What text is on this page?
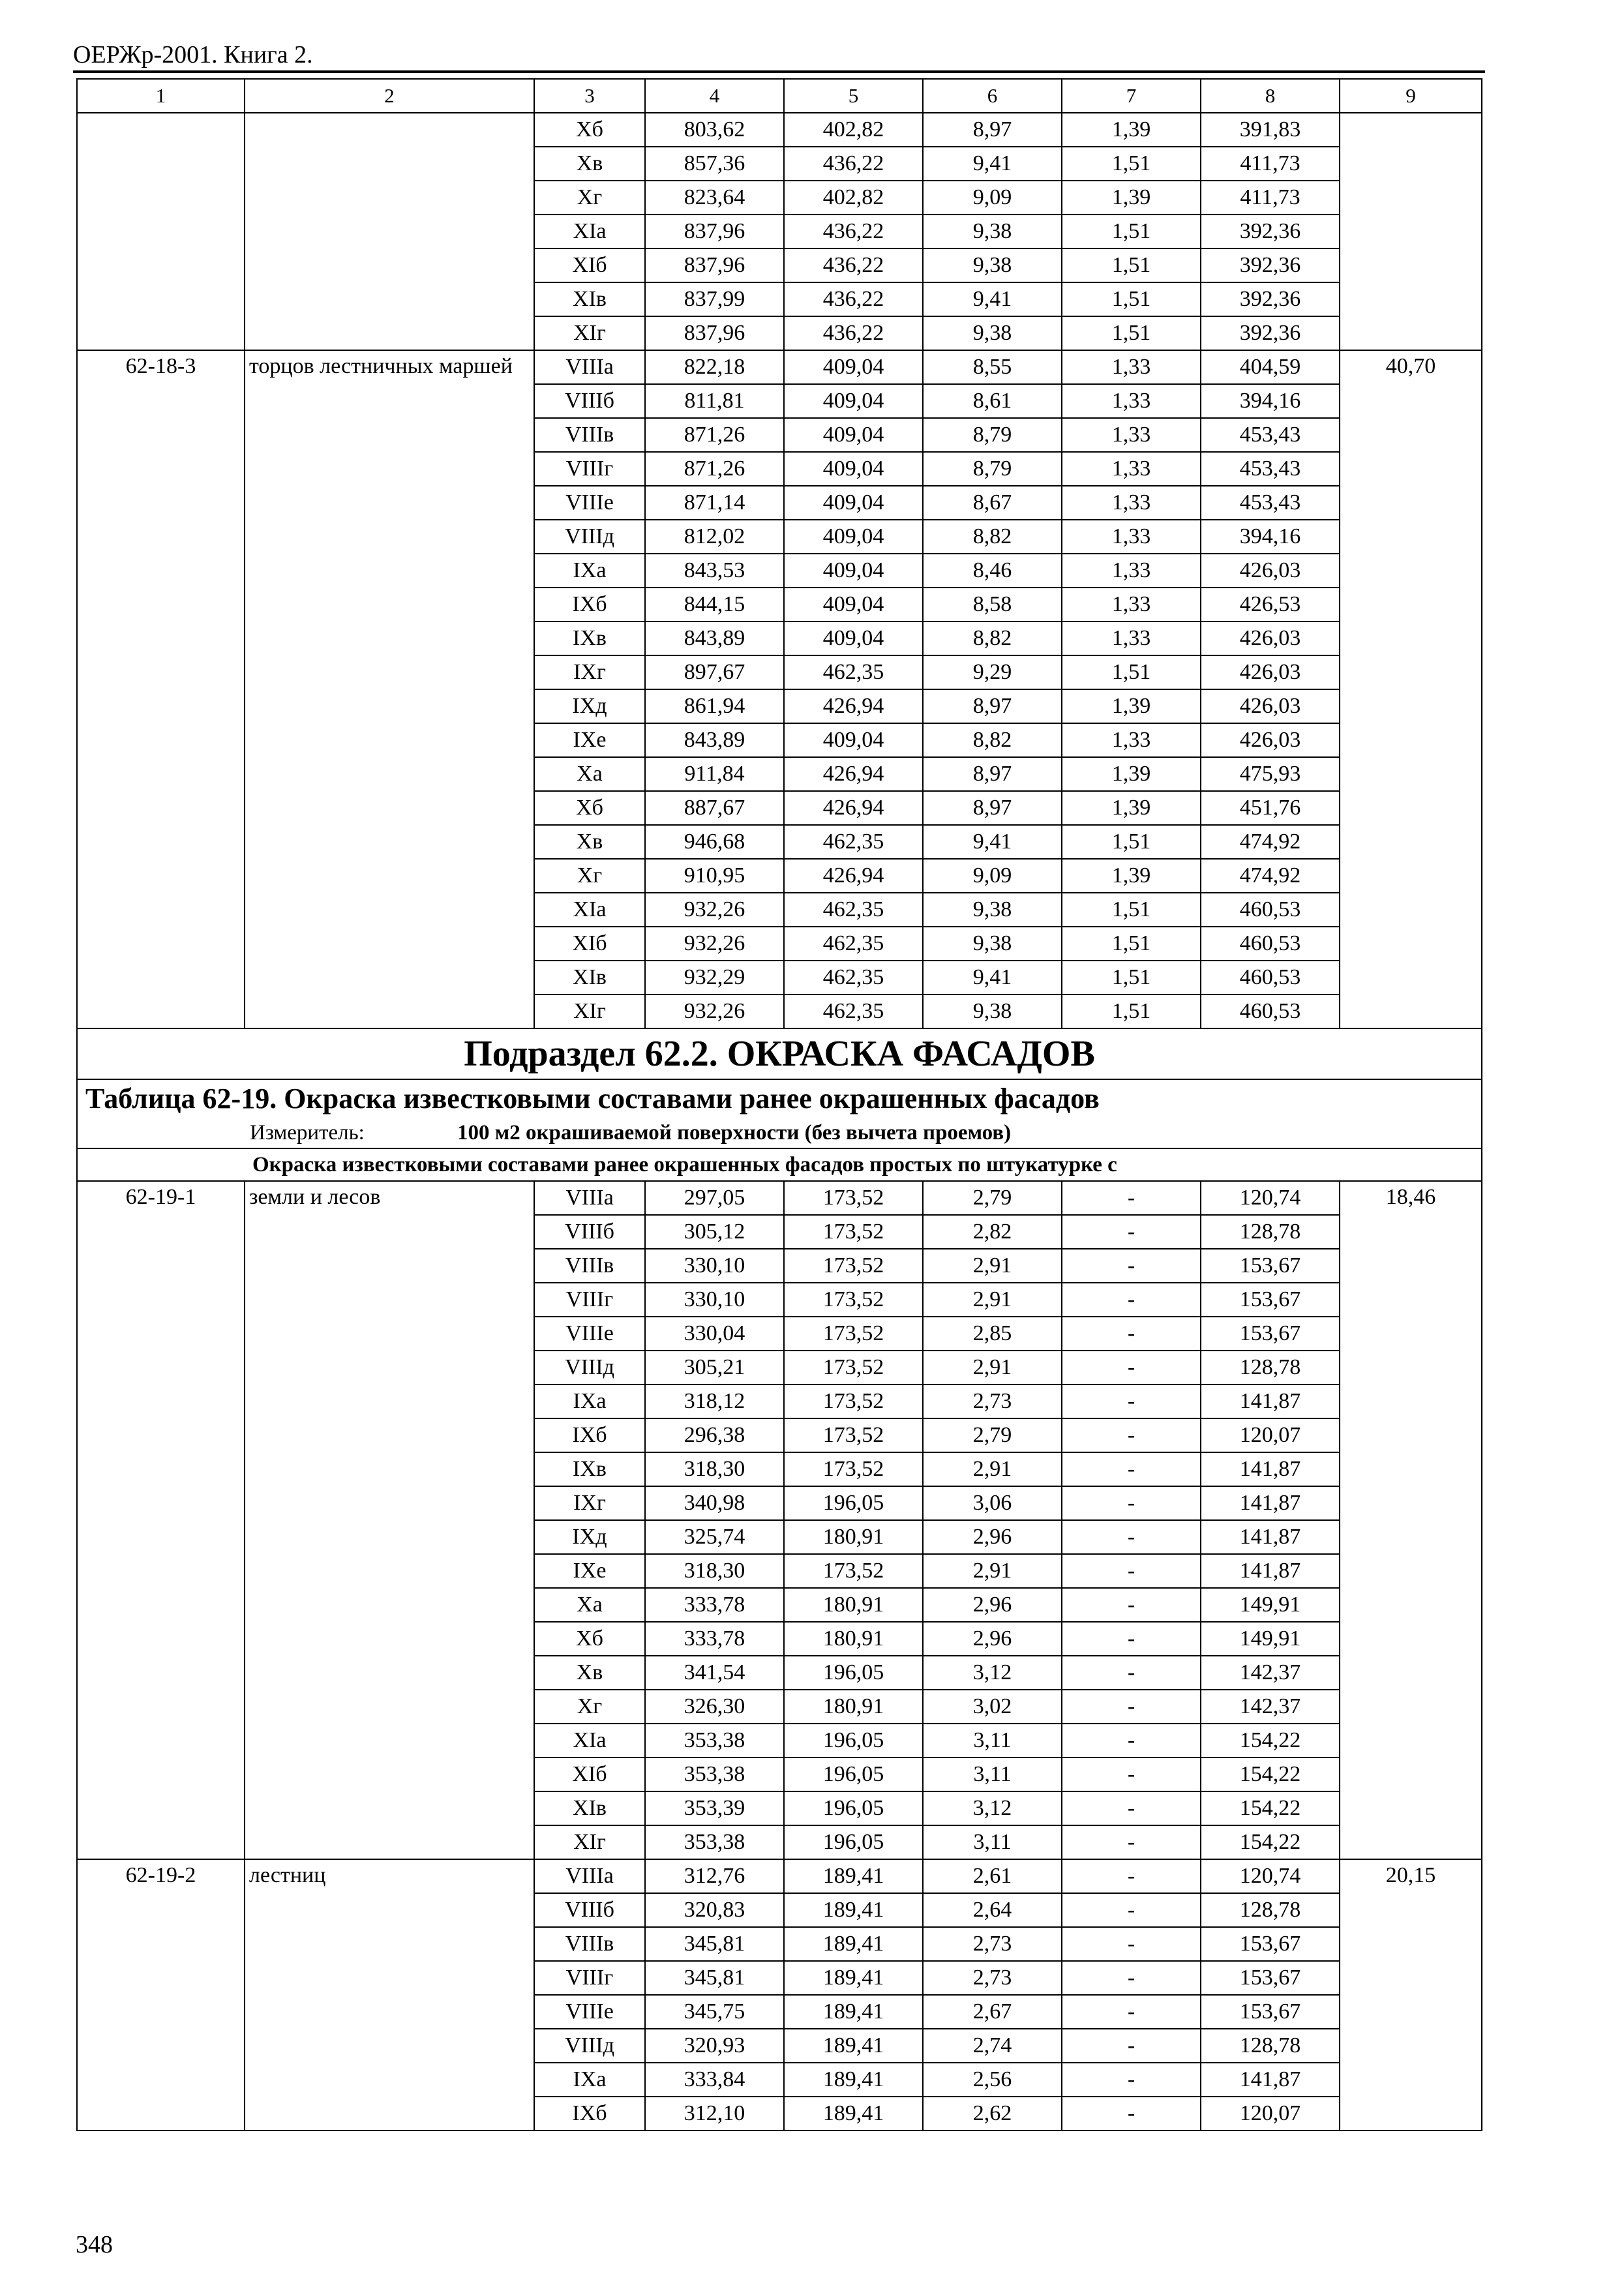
ОЕРЖр-2001. Книга 2.
1	2	3	4	5	6	7	8	9
		Xб	803,62	402,82	8,97	1,39	391,83	
		Xв	857,36	436,22	9,41	1,51	411,73	
		Xг	823,64	402,82	9,09	1,39	411,73	
		XIа	837,96	436,22	9,38	1,51	392,36	
		XIб	837,96	436,22	9,38	1,51	392,36	
		XIв	837,99	436,22	9,41	1,51	392,36	
		XIг	837,96	436,22	9,38	1,51	392,36	
62-18-3	торцов лестничных маршей	VIIIа	822,18	409,04	8,55	1,33	404,59	40,70
		VIIIб	811,81	409,04	8,61	1,33	394,16	
		VIIIв	871,26	409,04	8,79	1,33	453,43	
		VIIIг	871,26	409,04	8,79	1,33	453,43	
		VIIIе	871,14	409,04	8,67	1,33	453,43	
		VIIIд	812,02	409,04	8,82	1,33	394,16	
		IXа	843,53	409,04	8,46	1,33	426,03	
		IXб	844,15	409,04	8,58	1,33	426,53	
		IXв	843,89	409,04	8,82	1,33	426,03	
		IXг	897,67	462,35	9,29	1,51	426,03	
		IXд	861,94	426,94	8,97	1,39	426,03	
		IXе	843,89	409,04	8,82	1,33	426,03	
		Xа	911,84	426,94	8,97	1,39	475,93	
		Xб	887,67	426,94	8,97	1,39	451,76	
		Xв	946,68	462,35	9,41	1,51	474,92	
		Xг	910,95	426,94	9,09	1,39	474,92	
		XIа	932,26	462,35	9,38	1,51	460,53	
		XIб	932,26	462,35	9,38	1,51	460,53	
		XIв	932,29	462,35	9,41	1,51	460,53	
		XIг	932,26	462,35	9,38	1,51	460,53	
Подраздел 62.2. ОКРАСКА ФАСАДОВ								
Таблица 62-19. Окраска известковыми составами ранее окрашенных фасадов								
Измеритель: 100 м2 окрашиваемой поверхности (без вычета проемов)								
Окраска известковыми составами ранее окрашенных фасадов простых по штукатурке с								
62-19-1	земли и лесов	VIIIа	297,05	173,52	2,79	-	120,74	18,46
		VIIIб	305,12	173,52	2,82	-	128,78	
		VIIIв	330,10	173,52	2,91	-	153,67	
		VIIIг	330,10	173,52	2,91	-	153,67	
		VIIIе	330,04	173,52	2,85	-	153,67	
		VIIIд	305,21	173,52	2,91	-	128,78	
		IXа	318,12	173,52	2,73	-	141,87	
		IXб	296,38	173,52	2,79	-	120,07	
		IXв	318,30	173,52	2,91	-	141,87	
		IXг	340,98	196,05	3,06	-	141,87	
		IXд	325,74	180,91	2,96	-	141,87	
		IXе	318,30	173,52	2,91	-	141,87	
		Xа	333,78	180,91	2,96	-	149,91	
		Xб	333,78	180,91	2,96	-	149,91	
		Xв	341,54	196,05	3,12	-	142,37	
		Xг	326,30	180,91	3,02	-	142,37	
		XIа	353,38	196,05	3,11	-	154,22	
		XIб	353,38	196,05	3,11	-	154,22	
		XIв	353,39	196,05	3,12	-	154,22	
		XIг	353,38	196,05	3,11	-	154,22	
62-19-2	лестниц	VIIIа	312,76	189,41	2,61	-	120,74	20,15
		VIIIб	320,83	189,41	2,64	-	128,78	
		VIIIв	345,81	189,41	2,73	-	153,67	
		VIIIг	345,81	189,41	2,73	-	153,67	
		VIIIе	345,75	189,41	2,67	-	153,67	
		VIIIд	320,93	189,41	2,74	-	128,78	
		IXа	333,84	189,41	2,56	-	141,87	
		IXб	312,10	189,41	2,62	-	120,07	
348
